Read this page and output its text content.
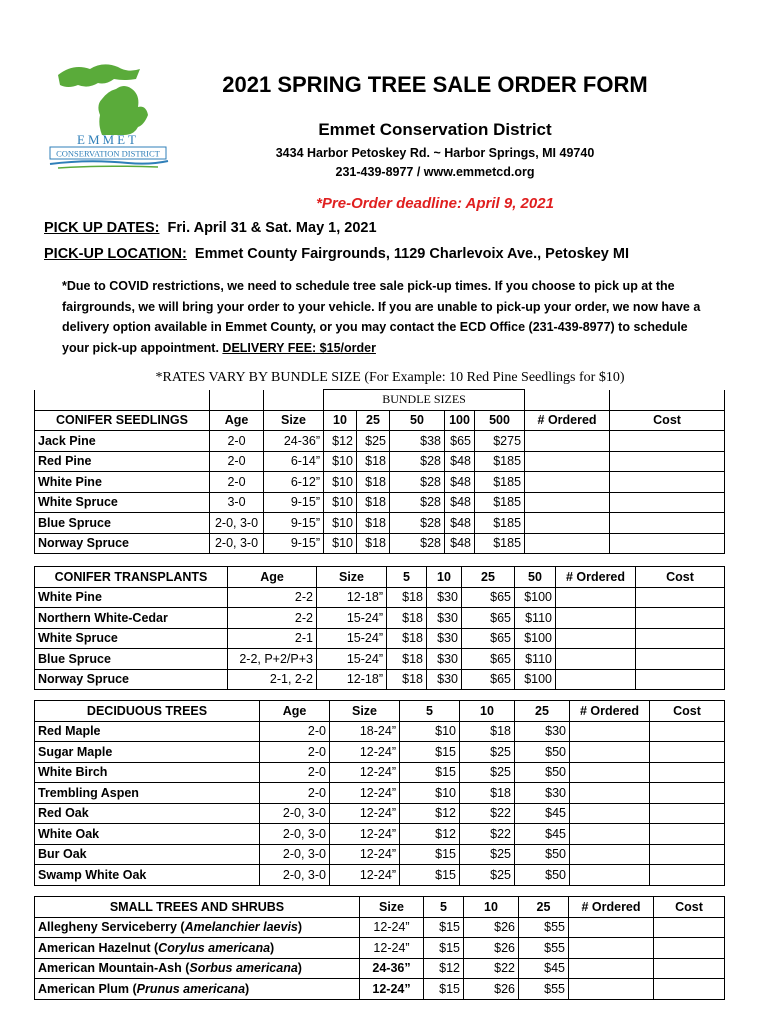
EMMET
CONSERVATION DISTRICT
2021 SPRING TREE SALE ORDER FORM
Emmet Conservation District
3434 Harbor Petoskey Rd. ~ Harbor Springs, MI 49740
231-439-8977 / www.emmetcd.org
*Pre-Order deadline: April 9, 2021
PICK UP DATES: Fri. April 31 & Sat. May 1, 2021
PICK-UP LOCATION: Emmet County Fairgrounds, 1129 Charlevoix Ave., Petoskey MI
*Due to COVID restrictions, we need to schedule tree sale pick-up times. If you choose to pick up at the fairgrounds, we will bring your order to your vehicle. If you are unable to pick-up your order, we now have a delivery option available in Emmet County, or you may contact the ECD Office (231-439-8977) to schedule your pick-up appointment. DELIVERY FEE: $15/order
*RATES VARY BY BUNDLE SIZE (For Example: 10 Red Pine Seedlings for $10)
			BUNDLE SIZES						
CONIFER SEEDLINGS	Age	Size	10	25	50	100	500	# Ordered	Cost
Jack Pine	2-0	24-36”	$12	$25	$38	$65	$275		
Red Pine	2-0	6-14”	$10	$18	$28	$48	$185		
White Pine	2-0	6-12”	$10	$18	$28	$48	$185		
White Spruce	3-0	9-15”	$10	$18	$28	$48	$185		
Blue Spruce	2-0, 3-0	9-15”	$10	$18	$28	$48	$185		
Norway Spruce	2-0, 3-0	9-15”	$10	$18	$28	$48	$185		
CONIFER TRANSPLANTS	Age	Size	5	10	25	50	# Ordered	Cost
White Pine	2-2	12-18”	$18	$30	$65	$100		
Northern White-Cedar	2-2	15-24”	$18	$30	$65	$110		
White Spruce	2-1	15-24”	$18	$30	$65	$100		
Blue Spruce	2-2, P+2/P+3	15-24”	$18	$30	$65	$110		
Norway Spruce	2-1, 2-2	12-18”	$18	$30	$65	$100		
DECIDUOUS TREES	Age	Size	5	10	25	# Ordered	Cost
Red Maple	2-0	18-24”	$10	$18	$30		
Sugar Maple	2-0	12-24”	$15	$25	$50		
White Birch	2-0	12-24”	$15	$25	$50		
Trembling Aspen	2-0	12-24”	$10	$18	$30		
Red Oak	2-0, 3-0	12-24”	$12	$22	$45		
White Oak	2-0, 3-0	12-24”	$12	$22	$45		
Bur Oak	2-0, 3-0	12-24”	$15	$25	$50		
Swamp White Oak	2-0, 3-0	12-24”	$15	$25	$50		
SMALL TREES AND SHRUBS	Size	5	10	25	# Ordered	Cost
Allegheny Serviceberry (Amelanchier laevis)	12-24”	$15	$26	$55		
American Hazelnut (Corylus americana)	12-24”	$15	$26	$55		
American Mountain-Ash (Sorbus americana)	24-36”	$12	$22	$45		
American Plum (Prunus americana)	12-24”	$15	$26	$55		
